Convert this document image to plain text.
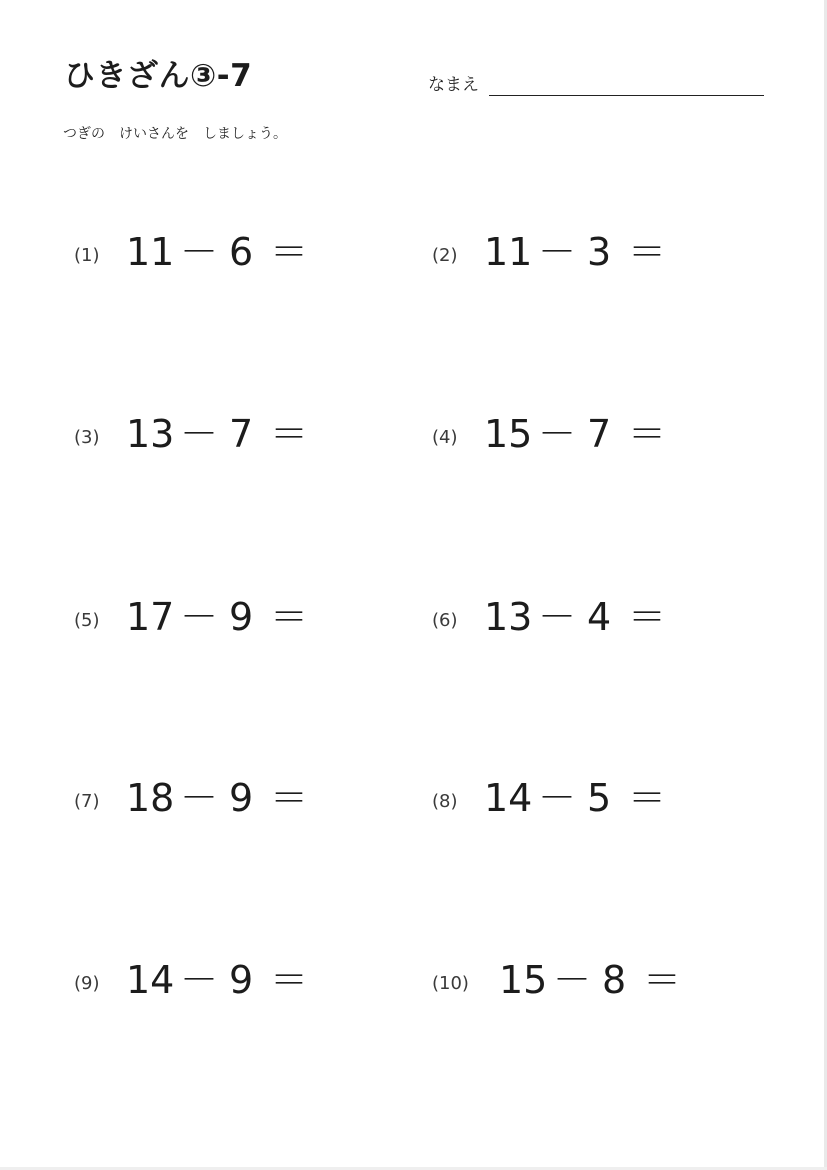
ひきざん③-7	なまえ
つぎの　けいさんを　しましょう。
(1) 11 － 6 ＝	(2) 11 － 3 ＝
(3) 13 － 7 ＝	(4) 15 － 7 ＝
(5) 17 － 9 ＝	(6) 13 － 4 ＝
(7) 18 － 9 ＝	(8) 14 － 5 ＝
(9) 14 － 9 ＝	(10) 15 － 8 ＝
